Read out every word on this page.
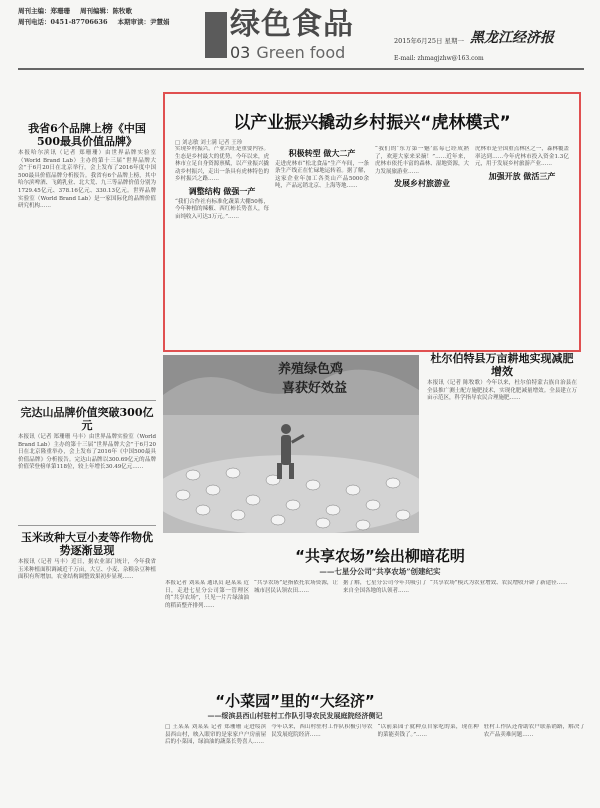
周刊主编：郑珊珊 周刊编辑：陈牧歌
周刊电话：0451-87706636 本期审读：尹慧娟 绿色食品
03 Green food
2015年6月25日 星期一 黑龙江经济报
E-mail: zhmagjzhw@163.com
我省6个品牌上榜《中国500最具价值品牌》
本报哈尔滨讯（记者 郑珊珊）由世界品牌实验室（World Brand Lab）主办的第十三届“世界品牌大会”于6月20日在北京举行，会上发布了2016年度中国500最具价值品牌分析报告。我省有6个品牌上榜，其中哈尔滨啤酒、飞鹤乳业、北大荒、九三等品牌价值分别为1729.45亿元、378.16亿元、330.13亿元。世界品牌实验室（World Brand Lab）是一家国际化的品牌价值研究机构……
完达山品牌价值突破300亿元
本报讯（记者 郑珊珊 马丰）由世界品牌实验室（World Brand Lab）主办的第十三届“世界品牌大会”于6月20日在北京隆重举办，会上发布了2016年《中国500最具价值品牌》分析报告。完达山品牌以300.69亿元的品牌价值荣登榜单第118位，较上年增长30.49亿元……
玉米改种大豆小麦等作物优势逐渐显现
本报讯（记者 马丰）近日，据农业部门统计，今年我省玉米种植面积调减近千万亩，大豆、小麦、杂粮杂豆种植面积有所增加。农业结构调整效果初步显现……
以产业振兴撬动乡村振兴“虎林模式”
□ 刘志敏 刘士满 记者 王珍
实现乡村振兴，产业兴旺是重要内容。生态是乡村最大的优势。今年以来，虎林市立足自身资源禀赋，以产业振兴撬动乡村振兴，走出一条具有虎林特色的乡村振兴之路……
调整结构 做强一产
“我们合作社有标准化蔬菜大棚50栋，今年种植的辣椒、西红柿长势喜人，每亩纯收入可达3万元。”……
积极转型 做大二产
走进虎林市“松北食品”生产车间，一条条生产线正在忙碌地运转着。据了解，这家企业年加工各类山产品5000余吨，产品远销北京、上海等地……
“我们的‘东方第一魅’蓝莓已经成熟了，欢迎大家来采摘！”……近年来，虎林市依托丰富的森林、湿地资源，大力发展旅游业……
发展乡村旅游业
虎林市是全国重点林区之一，森林覆盖率达到……今年虎林市投入资金1.3亿元，用于发展乡村旅游产业……
加强开放 做活三产
养殖绿色鸡
喜获好效益
杜尔伯特县万亩耕地实现减肥增效
本报讯（记者 陈牧歌）今年以来，杜尔伯特蒙古族自治县在全县推广测土配方施肥技术，实现化肥减量增效。全县建立万亩示范区，科学指导农民合理施肥……
“共享农场”绘出柳暗花明
——七星分公司“共享农场”创建纪实
本报记者 刘某某 通讯员 赵某某 近日，走进七星分公司第一管理区的“共享农场”，只见一片片绿油油的稻苗整齐排列……
“共享农场”是指依托农场资源，让城市居民认领农田……
据了解，七星分公司今年共吸引了来自全国各地的认领者……
“共享农场”模式为农业增效、农民增收开辟了新途径……
“小菜园”里的“大经济”
——绥滨县西山村驻村工作队引导农民发展庭院经济侧记
□ 王某某 刘某某 记者 郑珊珊 走进绥滨县西山村，映入眼帘的是家家户户房前屋后的小菜园，绿油油的蔬菜长势喜人……
今年以来，西山村驻村工作队积极引导农民发展庭院经济……
“以前菜园子就种点自家吃的菜，现在种的菜能卖钱了。”……
驻村工作队还帮助农户联系销路，解决了农产品卖难问题……
